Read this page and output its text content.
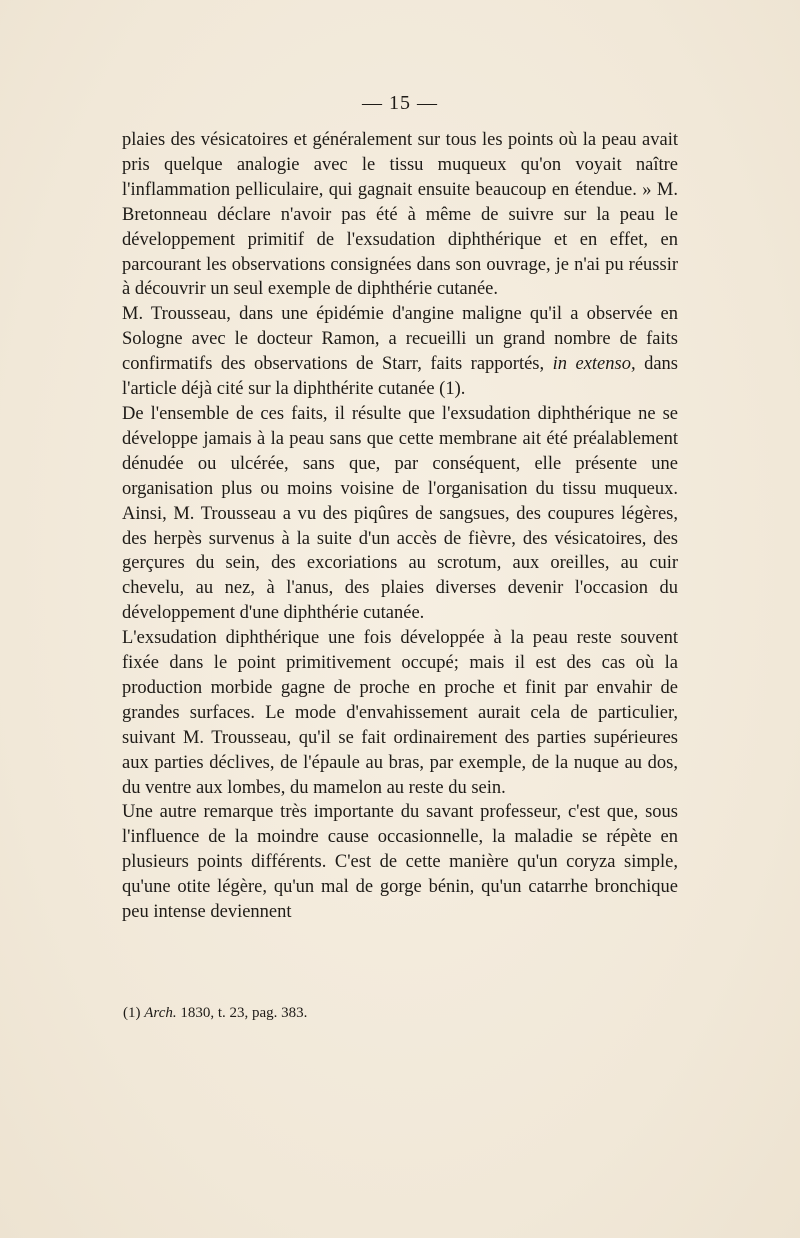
— 15 —

plaies des vésicatoires et généralement sur tous les points où la peau avait pris quelque analogie avec le tissu muqueux qu'on voyait naître l'inflammation pelliculaire, qui gagnait ensuite beaucoup en étendue. » M. Bretonneau déclare n'avoir pas été à même de suivre sur la peau le développement primitif de l'exsudation diphthérique et en effet, en parcourant les observations consignées dans son ouvrage, je n'ai pu réussir à découvrir un seul exemple de diphthérie cutanée.

M. Trousseau, dans une épidémie d'angine maligne qu'il a observée en Sologne avec le docteur Ramon, a recueilli un grand nombre de faits confirmatifs des observations de Starr, faits rapportés, in extenso, dans l'article déjà cité sur la diphthérite cutanée (1).

De l'ensemble de ces faits, il résulte que l'exsudation diphthérique ne se développe jamais à la peau sans que cette membrane ait été préalablement dénudée ou ulcérée, sans que, par conséquent, elle présente une organisation plus ou moins voisine de l'organisation du tissu muqueux. Ainsi, M. Trousseau a vu des piqûres de sangsues, des coupures légères, des herpès survenus à la suite d'un accès de fièvre, des vésicatoires, des gerçures du sein, des excoriations au scrotum, aux oreilles, au cuir chevelu, au nez, à l'anus, des plaies diverses devenir l'occasion du développement d'une diphthérie cutanée.

L'exsudation diphthérique une fois développée à la peau reste souvent fixée dans le point primitivement occupé; mais il est des cas où la production morbide gagne de proche en proche et finit par envahir de grandes surfaces. Le mode d'envahissement aurait cela de particulier, suivant M. Trousseau, qu'il se fait ordinairement des parties supérieures aux parties déclives, de l'épaule au bras, par exemple, de la nuque au dos, du ventre aux lombes, du mamelon au reste du sein.

Une autre remarque très importante du savant professeur, c'est que, sous l'influence de la moindre cause occasionnelle, la maladie se répète en plusieurs points différents. C'est de cette manière qu'un coryza simple, qu'une otite légère, qu'un mal de gorge bénin, qu'un catarrhe bronchique peu intense deviennent

(1) Arch. 1830, t. 23, pag. 383.
